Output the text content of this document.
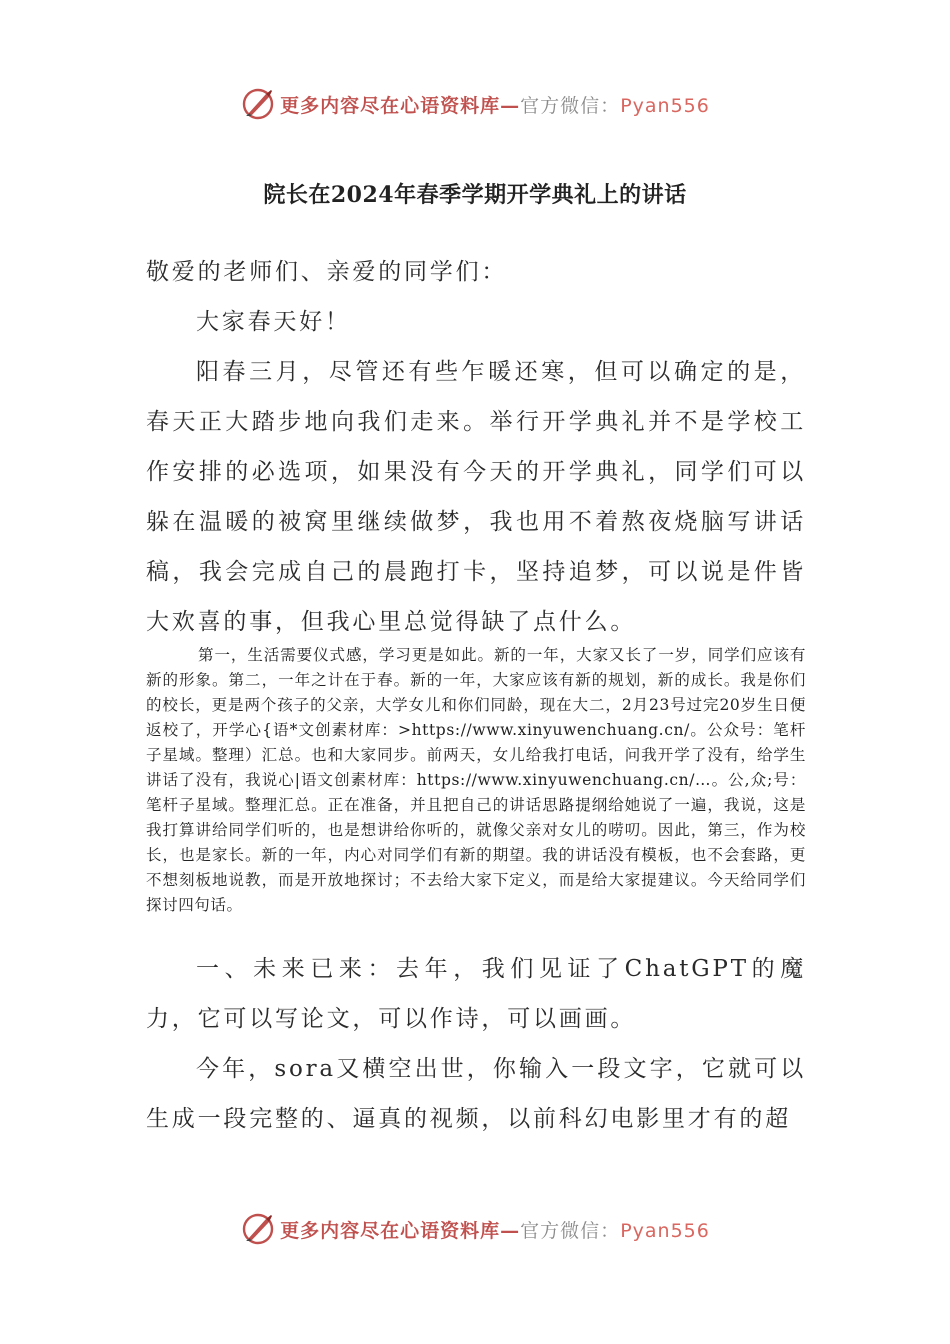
更多内容尽在心语资料库—官方微信：Pyan556
院长在2024年春季学期开学典礼上的讲话

敬爱的老师们、亲爱的同学们：

大家春天好！

阳春三月，尽管还有些乍暖还寒，但可以确定的是，春天正大踏步地向我们走来。举行开学典礼并不是学校工作安排的必选项，如果没有今天的开学典礼，同学们可以躲在温暖的被窝里继续做梦，我也用不着熬夜烧脑写讲话稿，我会完成自己的晨跑打卡，坚持追梦，可以说是件皆大欢喜的事，但我心里总觉得缺了点什么。

第一，生活需要仪式感，学习更是如此。新的一年，大家又长了一岁，同学们应该有新的形象。第二，一年之计在于春。新的一年，大家应该有新的规划，新的成长。我是你们的校长，更是两个孩子的父亲，大学女儿和你们同龄，现在大二，2月23号过完20岁生日便返校了，开学心{语*文创素材库：>https://www.xinyuwenchuang.cn/。公众号：笔杆子星域。整理）汇总。也和大家同步。前两天，女儿给我打电话，问我开学了没有，给学生讲话了没有，我说心|语文创素材库：https://www.xinyuwenchuang.cn/…。公,众;号：笔杆子星域。整理汇总。正在准备，并且把自己的讲话思路提纲给她说了一遍，我说，这是我打算讲给同学们听的，也是想讲给你听的，就像父亲对女儿的唠叨。因此，第三，作为校长，也是家长。新的一年，内心对同学们有新的期望。我的讲话没有模板，也不会套路，更不想刻板地说教，而是开放地探讨；不去给大家下定义，而是给大家提建议。今天给同学们探讨四句话。

一、未来已来：去年，我们见证了ChatGPT的魔力，它可以写论文，可以作诗，可以画画。

今年，sora又横空出世，你输入一段文字，它就可以生成一段完整的、逼真的视频，以前科幻电影里才有的超

更多内容尽在心语资料库—官方微信：Pyan556
